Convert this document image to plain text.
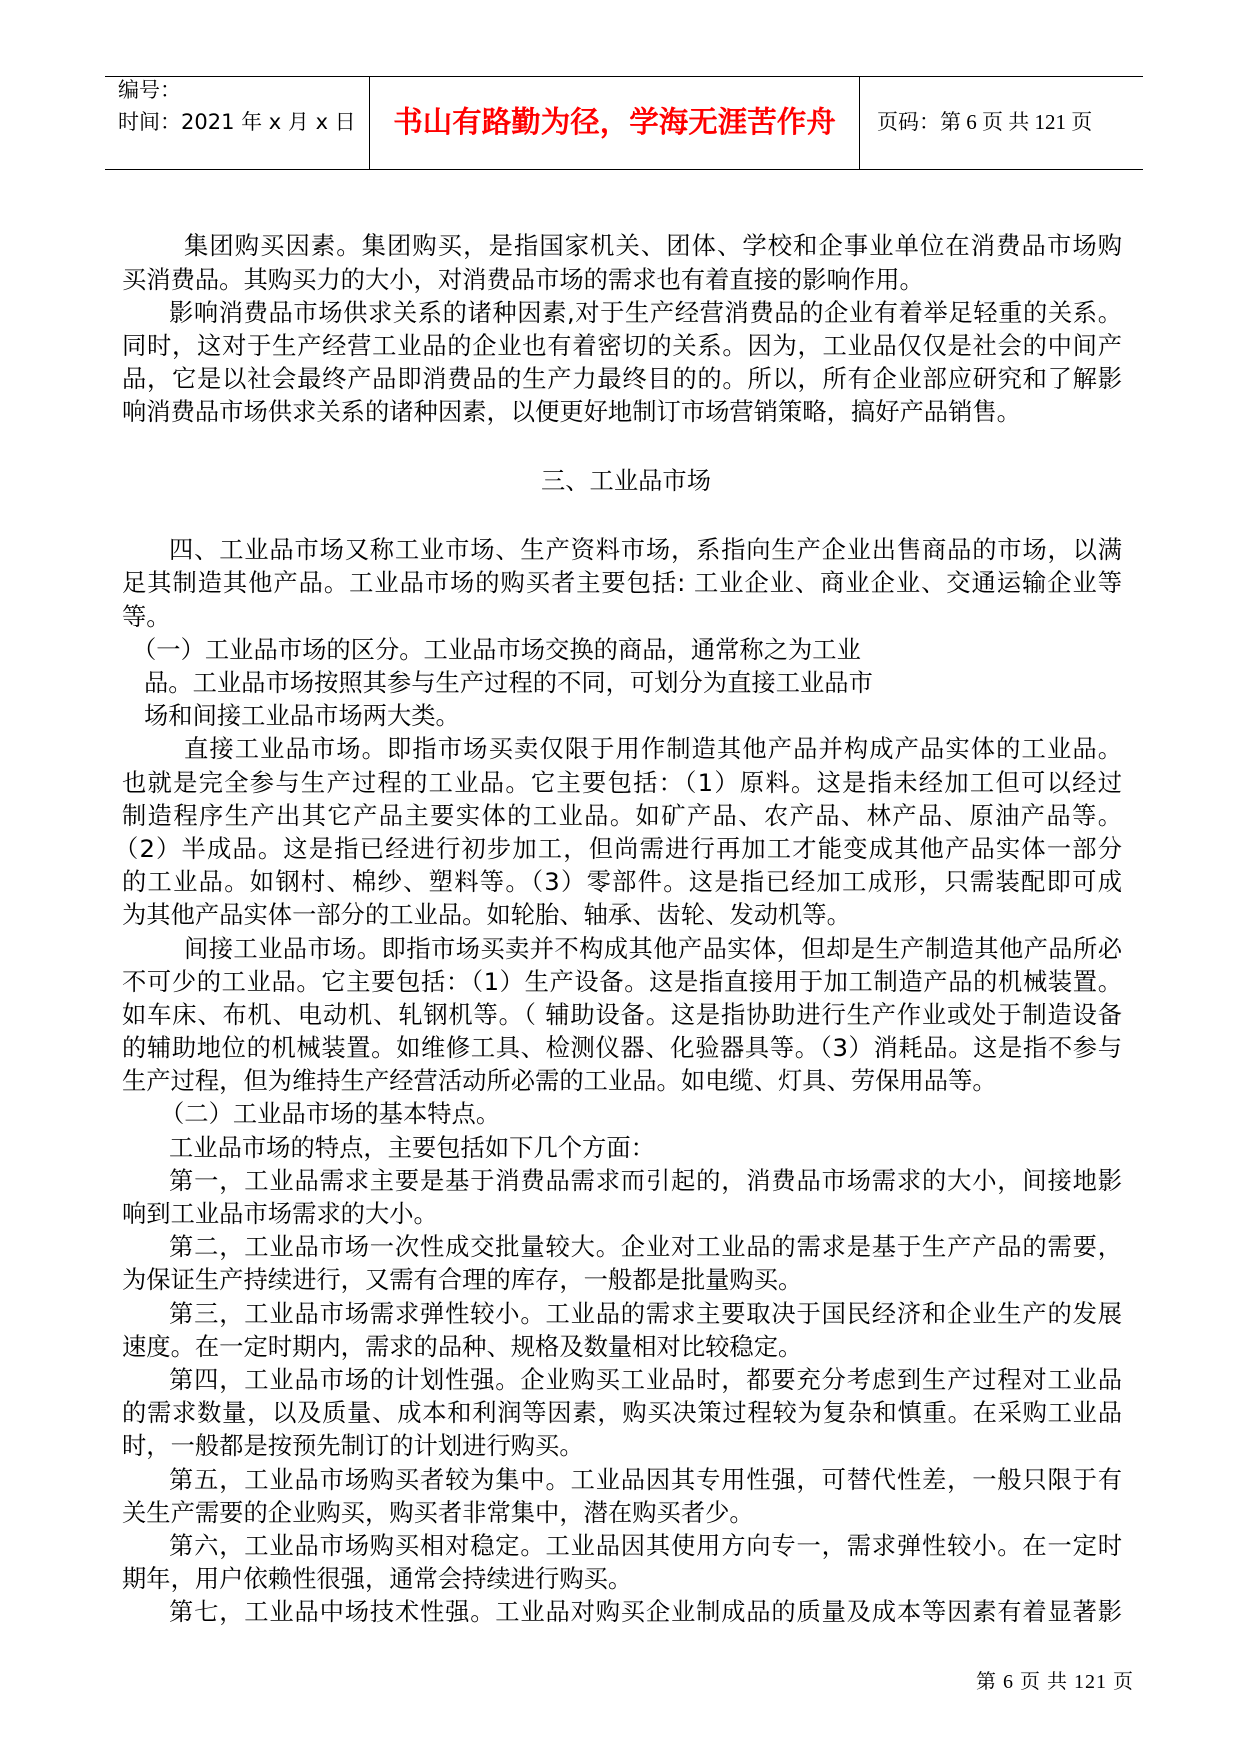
编号：
时间：2021 年 x 月 x 日	书山有路勤为径，学海无涯苦作舟	页码：第 6 页 共 121 页
集团购买因素。集团购买，是指国家机关、团体、学校和企事业单位在消费品市场购
买消费品。其购买力的大小，对消费品市场的需求也有着直接的影响作用。
影响消费品市场供求关系的诸种因素,对于生产经营消费品的企业有着举足轻重的关系。
同时，这对于生产经营工业品的企业也有着密切的关系。因为，工业品仅仅是社会的中间产
品，它是以社会最终产品即消费品的生产力最终目的的。所以，所有企业部应研究和了解影
响消费品市场供求关系的诸种因素，以便更好地制订市场营销策略，搞好产品销售。
三、工业品市场
四、工业品市场又称工业市场、生产资料市场，系指向生产企业出售商品的市场，以满
足其制造其他产品。工业品市场的购买者主要包括: 工业企业、商业企业、交通运输企业等
等。
（一）工业品市场的区分。工业品市场交换的商品，通常称之为工业
品。工业品市场按照其参与生产过程的不同，可划分为直接工业品市
场和间接工业品市场两大类。
直接工业品市场。即指市场买卖仅限于用作制造其他产品并构成产品实体的工业品。
也就是完全参与生产过程的工业品。它主要包括：（1）原料。这是指未经加工但可以经过
制造程序生产出其它产品主要实体的工业品。如矿产品、农产品、林产品、原油产品等。
（2）半成品。这是指已经进行初步加工，但尚需进行再加工才能变成其他产品实体一部分
的工业品。如钢村、棉纱、塑料等。（3）零部件。这是指已经加工成形，只需装配即可成
为其他产品实体一部分的工业品。如轮胎、轴承、齿轮、发动机等。
间接工业品市场。即指市场买卖并不构成其他产品实体，但却是生产制造其他产品所必
不可少的工业品。它主要包括：（1）生产设备。这是指直接用于加工制造产品的机械装置。
如车床、布机、电动机、轧钢机等。（ 辅助设备。这是指协助进行生产作业或处于制造设备
的辅助地位的机械装置。如维修工具、检测仪器、化验器具等。（3）消耗品。这是指不参与
生产过程，但为维持生产经营活动所必需的工业品。如电缆、灯具、劳保用品等。
（二）工业品市场的基本特点。
工业品市场的特点，主要包括如下几个方面：
第一，工业品需求主要是基于消费品需求而引起的，消费品市场需求的大小，间接地影
响到工业品市场需求的大小。
第二，工业品市场一次性成交批量较大。企业对工业品的需求是基于生产产品的需要，
为保证生产持续进行，又需有合理的库存，一般都是批量购买。
第三，工业品市场需求弹性较小。工业品的需求主要取决于国民经济和企业生产的发展
速度。在一定时期内，需求的品种、规格及数量相对比较稳定。
第四，工业品市场的计划性强。企业购买工业品时，都要充分考虑到生产过程对工业品
的需求数量，以及质量、成本和利润等因素，购买决策过程较为复杂和慎重。在采购工业品
时，一般都是按预先制订的计划进行购买。
第五，工业品市场购买者较为集中。工业品因其专用性强，可替代性差，一般只限于有
关生产需要的企业购买，购买者非常集中，潜在购买者少。
第六，工业品市场购买相对稳定。工业品因其使用方向专一，需求弹性较小。在一定时
期年，用户依赖性很强，通常会持续进行购买。
第七，工业品中场技术性强。工业品对购买企业制成品的质量及成本等因素有着显著影
第 6 页 共 121 页
